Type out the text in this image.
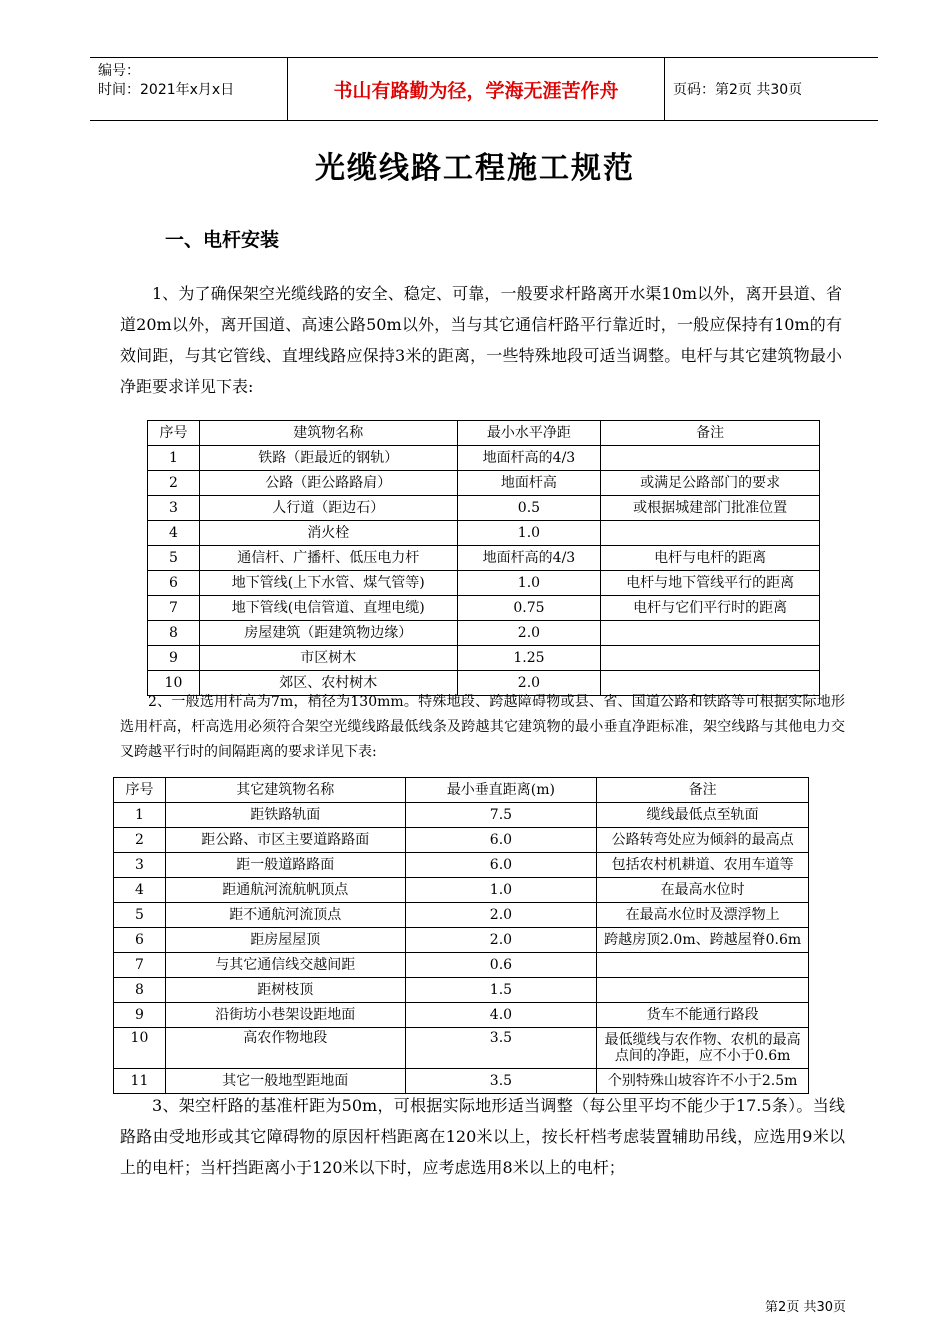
编号：
时间：2021年x月x日	书山有路勤为径，学海无涯苦作舟	页码：第2页 共30页
光缆线路工程施工规范
一、电杆安装
1、为了确保架空光缆线路的安全、稳定、可靠，一般要求杆路离开水渠10m以外，离开县道、省道20m以外，离开国道、高速公路50m以外，当与其它通信杆路平行靠近时，一般应保持有10m的有效间距，与其它管线、直埋线路应保持3米的距离，一些特殊地段可适当调整。电杆与其它建筑物最小净距要求详见下表:
序号	建筑物名称	最小水平净距	备注
1	铁路（距最近的钢轨）	地面杆高的4/3	
2	公路（距公路路肩）	地面杆高	或满足公路部门的要求
3	人行道（距边石）	0.5	或根据城建部门批准位置
4	消火栓	1.0	
5	通信杆、广播杆、低压电力杆	地面杆高的4/3	电杆与电杆的距离
6	地下管线(上下水管、煤气管等)	1.0	电杆与地下管线平行的距离
7	地下管线(电信管道、直埋电缆)	0.75	电杆与它们平行时的距离
8	房屋建筑（距建筑物边缘）	2.0	
9	市区树木	1.25	
10	郊区、农村树木	2.0	
2、一般选用杆高为7m，梢径为130mm。特殊地段、跨越障碍物或县、省、国道公路和铁路等可根据实际地形选用杆高，杆高选用必须符合架空光缆线路最低线条及跨越其它建筑物的最小垂直净距标准，架空线路与其他电力交叉跨越平行时的间隔距离的要求详见下表:
序号	其它建筑物名称	最小垂直距离(m)	备注
1	距铁路轨面	7.5	缆线最低点至轨面
2	距公路、市区主要道路路面	6.0	公路转弯处应为倾斜的最高点
3	距一般道路路面	6.0	包括农村机耕道、农用车道等
4	距通航河流航帆顶点	1.0	在最高水位时
5	距不通航河流顶点	2.0	在最高水位时及漂浮物上
6	距房屋屋顶	2.0	跨越房顶2.0m、跨越屋脊0.6m
7	与其它通信线交越间距	0.6	
8	距树枝顶	1.5	
9	沿街坊小巷架设距地面	4.0	货车不能通行路段
10	高农作物地段	3.5	最低缆线与农作物、农机的最高点间的净距，应不小于0.6m
11	其它一般地型距地面	3.5	个别特殊山坡容许不小于2.5m
3、架空杆路的基准杆距为50m，可根据实际地形适当调整（每公里平均不能少于17.5条）。当线路路由受地形或其它障碍物的原因杆档距离在120米以上，按长杆档考虑装置辅助吊线，应选用9米以上的电杆；当杆挡距离小于120米以下时，应考虑选用8米以上的电杆；
第2页 共30页
